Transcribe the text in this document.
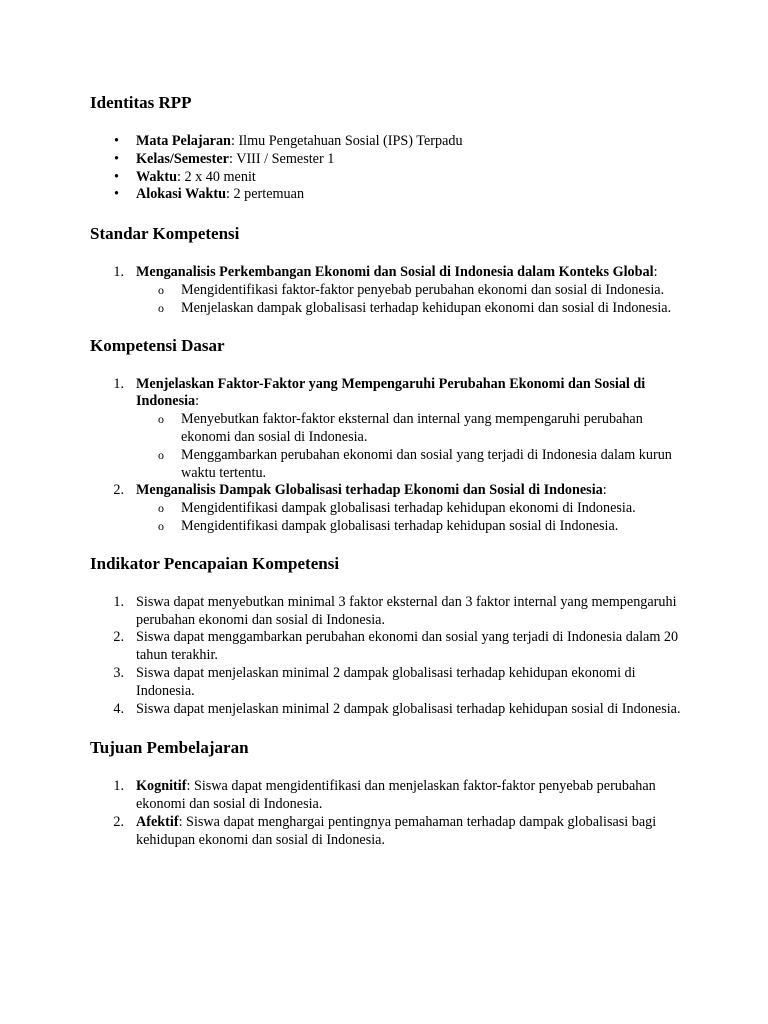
Identitas RPP
• Mata Pelajaran: Ilmu Pengetahuan Sosial (IPS) Terpadu
• Kelas/Semester: VIII / Semester 1
• Waktu: 2 x 40 menit
• Alokasi Waktu: 2 pertemuan
Standar Kompetensi
1. Menganalisis Perkembangan Ekonomi dan Sosial di Indonesia dalam Konteks Global:
o Mengidentifikasi faktor-faktor penyebab perubahan ekonomi dan sosial di Indonesia.
o Menjelaskan dampak globalisasi terhadap kehidupan ekonomi dan sosial di Indonesia.
Kompetensi Dasar
1. Menjelaskan Faktor-Faktor yang Mempengaruhi Perubahan Ekonomi dan Sosial di Indonesia:
o Menyebutkan faktor-faktor eksternal dan internal yang mempengaruhi perubahan ekonomi dan sosial di Indonesia.
o Menggambarkan perubahan ekonomi dan sosial yang terjadi di Indonesia dalam kurun waktu tertentu.
2. Menganalisis Dampak Globalisasi terhadap Ekonomi dan Sosial di Indonesia:
o Mengidentifikasi dampak globalisasi terhadap kehidupan ekonomi di Indonesia.
o Mengidentifikasi dampak globalisasi terhadap kehidupan sosial di Indonesia.
Indikator Pencapaian Kompetensi
1. Siswa dapat menyebutkan minimal 3 faktor eksternal dan 3 faktor internal yang mempengaruhi perubahan ekonomi dan sosial di Indonesia.
2. Siswa dapat menggambarkan perubahan ekonomi dan sosial yang terjadi di Indonesia dalam 20 tahun terakhir.
3. Siswa dapat menjelaskan minimal 2 dampak globalisasi terhadap kehidupan ekonomi di Indonesia.
4. Siswa dapat menjelaskan minimal 2 dampak globalisasi terhadap kehidupan sosial di Indonesia.
Tujuan Pembelajaran
1. Kognitif: Siswa dapat mengidentifikasi dan menjelaskan faktor-faktor penyebab perubahan ekonomi dan sosial di Indonesia.
2. Afektif: Siswa dapat menghargai pentingnya pemahaman terhadap dampak globalisasi bagi kehidupan ekonomi dan sosial di Indonesia.
